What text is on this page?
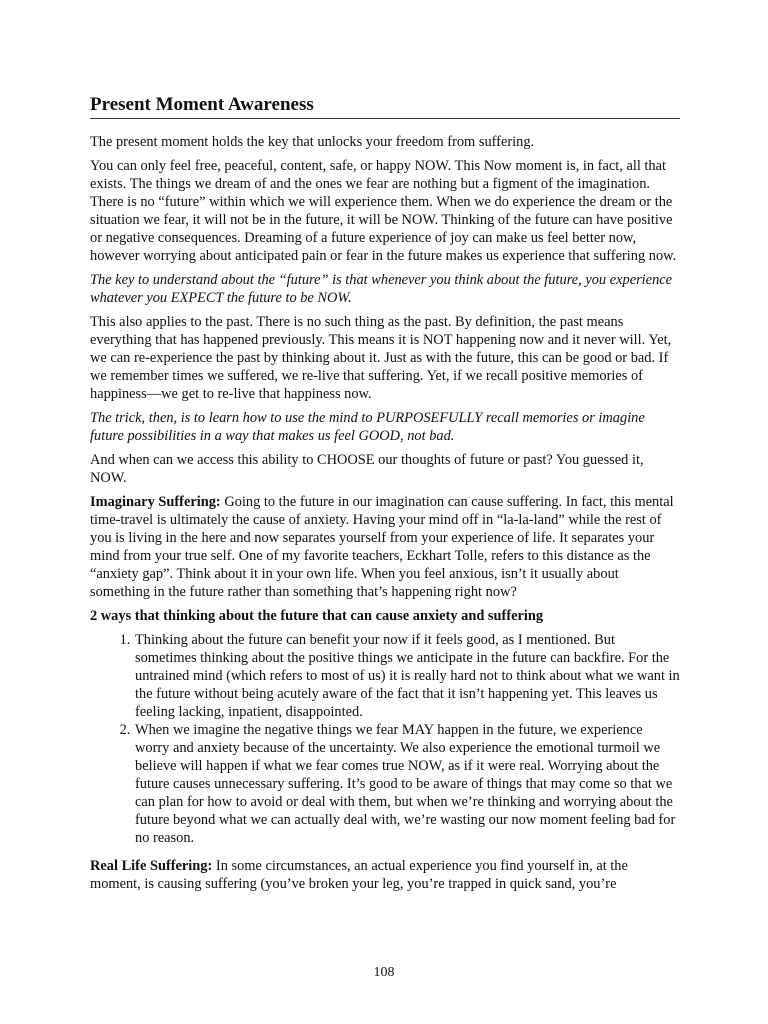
Present Moment Awareness

The present moment holds the key that unlocks your freedom from suffering.

You can only feel free, peaceful, content, safe, or happy NOW. This Now moment is, in fact, all that exists. The things we dream of and the ones we fear are nothing but a figment of the imagination. There is no “future” within which we will experience them. When we do experience the dream or the situation we fear, it will not be in the future, it will be NOW. Thinking of the future can have positive or negative consequences. Dreaming of a future experience of joy can make us feel better now, however worrying about anticipated pain or fear in the future makes us experience that suffering now.

The key to understand about the “future” is that whenever you think about the future, you experience whatever you EXPECT the future to be NOW.

This also applies to the past. There is no such thing as the past. By definition, the past means everything that has happened previously. This means it is NOT happening now and it never will. Yet, we can re-experience the past by thinking about it. Just as with the future, this can be good or bad. If we remember times we suffered, we re-live that suffering. Yet, if we recall positive memories of happiness—we get to re-live that happiness now.

The trick, then, is to learn how to use the mind to PURPOSEFULLY recall memories or imagine future possibilities in a way that makes us feel GOOD, not bad.

And when can we access this ability to CHOOSE our thoughts of future or past? You guessed it, NOW.

Imaginary Suffering: Going to the future in our imagination can cause suffering. In fact, this mental time-travel is ultimately the cause of anxiety. Having your mind off in “la-la-land” while the rest of you is living in the here and now separates yourself from your experience of life. It separates your mind from your true self. One of my favorite teachers, Eckhart Tolle, refers to this distance as the “anxiety gap”. Think about it in your own life. When you feel anxious, isn’t it usually about something in the future rather than something that’s happening right now?

2 ways that thinking about the future that can cause anxiety and suffering

1. Thinking about the future can benefit your now if it feels good, as I mentioned. But sometimes thinking about the positive things we anticipate in the future can backfire. For the untrained mind (which refers to most of us) it is really hard not to think about what we want in the future without being acutely aware of the fact that it isn’t happening yet. This leaves us feeling lacking, inpatient, disappointed.
2. When we imagine the negative things we fear MAY happen in the future, we experience worry and anxiety because of the uncertainty. We also experience the emotional turmoil we believe will happen if what we fear comes true NOW, as if it were real. Worrying about the future causes unnecessary suffering. It’s good to be aware of things that may come so that we can plan for how to avoid or deal with them, but when we’re thinking and worrying about the future beyond what we can actually deal with, we’re wasting our now moment feeling bad for no reason.

Real Life Suffering: In some circumstances, an actual experience you find yourself in, at the moment, is causing suffering (you’ve broken your leg, you’re trapped in quick sand, you’re

108
